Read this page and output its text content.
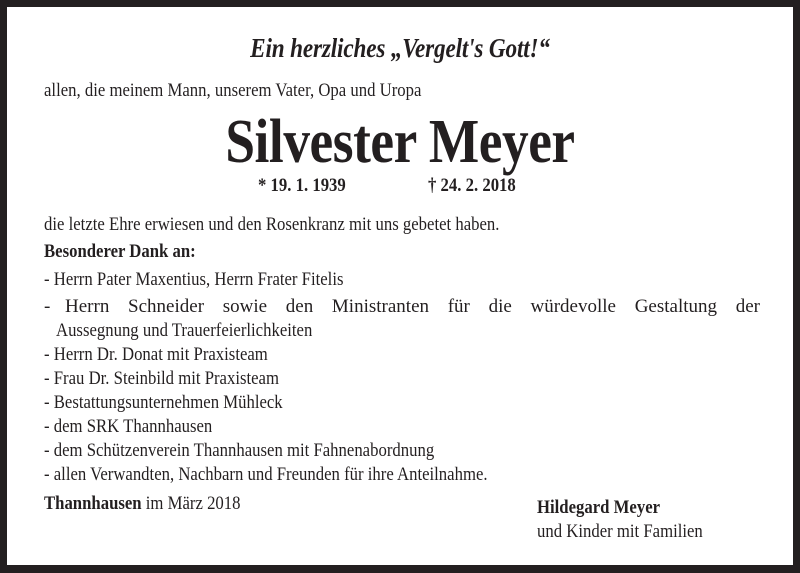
Ein herzliches „Vergelt's Gott!“
allen, die meinem Mann, unserem Vater, Opa und Uropa
Silvester Meyer
* 19. 1. 1939	† 24. 2. 2018
die letzte Ehre erwiesen und den Rosenkranz mit uns gebetet haben.
Besonderer Dank an:
- Herrn Pater Maxentius, Herrn Frater Fitelis
- Herrn Schneider sowie den Ministranten für die würdevolle Gestaltung der
Aussegnung und Trauerfeierlichkeiten
- Herrn Dr. Donat mit Praxisteam
- Frau Dr. Steinbild mit Praxisteam
- Bestattungsunternehmen Mühleck
- dem SRK Thannhausen
- dem Schützenverein Thannhausen mit Fahnenabordnung
- allen Verwandten, Nachbarn und Freunden für ihre Anteilnahme.
Thannhausen im März 2018	Hildegard Meyer
und Kinder mit Familien
